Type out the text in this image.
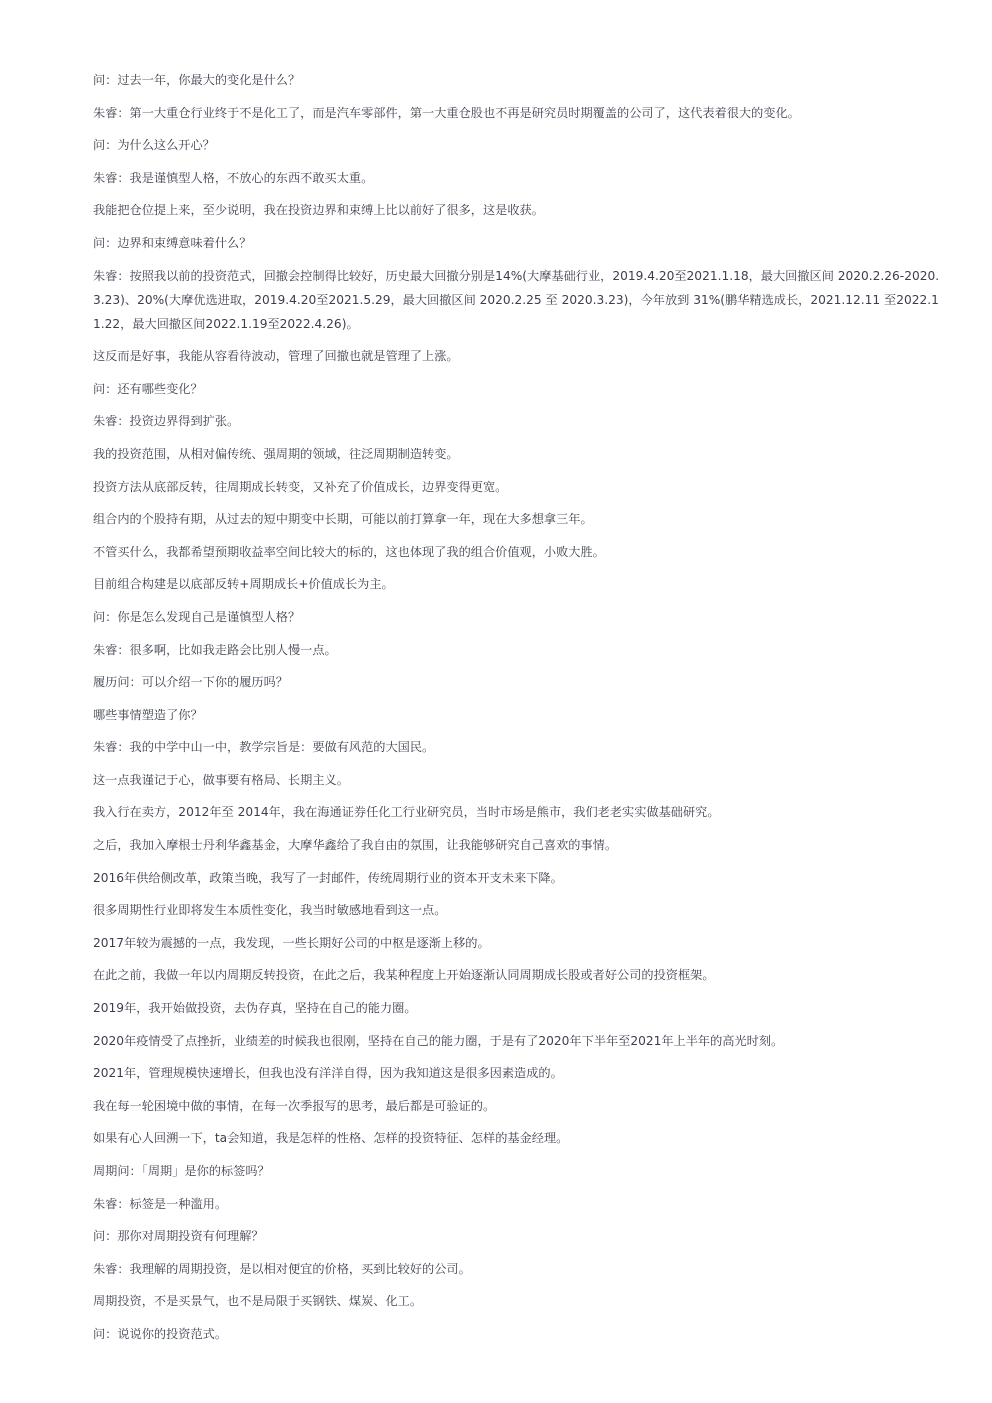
问：过去一年，你最大的变化是什么？

朱睿：第一大重仓行业终于不是化工了，而是汽车零部件，第一大重仓股也不再是研究员时期覆盖的公司了，这代表着很大的变化。

问：为什么这么开心？

朱睿：我是谨慎型人格，不放心的东西不敢买太重。

我能把仓位提上来，至少说明，我在投资边界和束缚上比以前好了很多，这是收获。

问：边界和束缚意味着什么？

朱睿：按照我以前的投资范式，回撤会控制得比较好，历史最大回撤分别是14%(大摩基础行业，2019.4.20至2021.1.18，最大回撤区间 2020.2.26-2020.3.23)、20%(大摩优选进取，2019.4.20至2021.5.29，最大回撤区间 2020.2.25 至 2020.3.23)，今年放到 31%(鹏华精选成长，2021.12.11 至2022.11.22，最大回撤区间2022.1.19至2022.4.26)。

这反而是好事，我能从容看待波动，管理了回撤也就是管理了上涨。

问：还有哪些变化？

朱睿：投资边界得到扩张。

我的投资范围，从相对偏传统、强周期的领域，往泛周期制造转变。

投资方法从底部反转，往周期成长转变，又补充了价值成长，边界变得更宽。

组合内的个股持有期，从过去的短中期变中长期，可能以前打算拿一年，现在大多想拿三年。

不管买什么，我都希望预期收益率空间比较大的标的，这也体现了我的组合价值观，小败大胜。

目前组合构建是以底部反转+周期成长+价值成长为主。

问：你是怎么发现自己是谨慎型人格？

朱睿：很多啊，比如我走路会比别人慢一点。

履历问：可以介绍一下你的履历吗？

哪些事情塑造了你？

朱睿：我的中学中山一中，教学宗旨是：要做有风范的大国民。

这一点我谨记于心，做事要有格局、长期主义。

我入行在卖方，2012年至 2014年，我在海通证券任化工行业研究员，当时市场是熊市，我们老老实实做基础研究。

之后，我加入摩根士丹利华鑫基金，大摩华鑫给了我自由的氛围，让我能够研究自己喜欢的事情。

2016年供给侧改革，政策当晚，我写了一封邮件，传统周期行业的资本开支未来下降。

很多周期性行业即将发生本质性变化，我当时敏感地看到这一点。

2017年较为震撼的一点，我发现，一些长期好公司的中枢是逐渐上移的。

在此之前，我做一年以内周期反转投资，在此之后，我某种程度上开始逐渐认同周期成长股或者好公司的投资框架。

2019年，我开始做投资，去伪存真，坚持在自己的能力圈。

2020年疫情受了点挫折，业绩差的时候我也很刚，坚持在自己的能力圈，于是有了2020年下半年至2021年上半年的高光时刻。

2021年，管理规模快速增长，但我也没有洋洋自得，因为我知道这是很多因素造成的。

我在每一轮困境中做的事情，在每一次季报写的思考，最后都是可验证的。

如果有心人回溯一下，ta会知道，我是怎样的性格、怎样的投资特征、怎样的基金经理。

周期问：「周期」是你的标签吗？

朱睿：标签是一种滥用。

问：那你对周期投资有何理解？

朱睿：我理解的周期投资，是以相对便宜的价格，买到比较好的公司。

周期投资，不是买景气，也不是局限于买钢铁、煤炭、化工。

问：说说你的投资范式。
